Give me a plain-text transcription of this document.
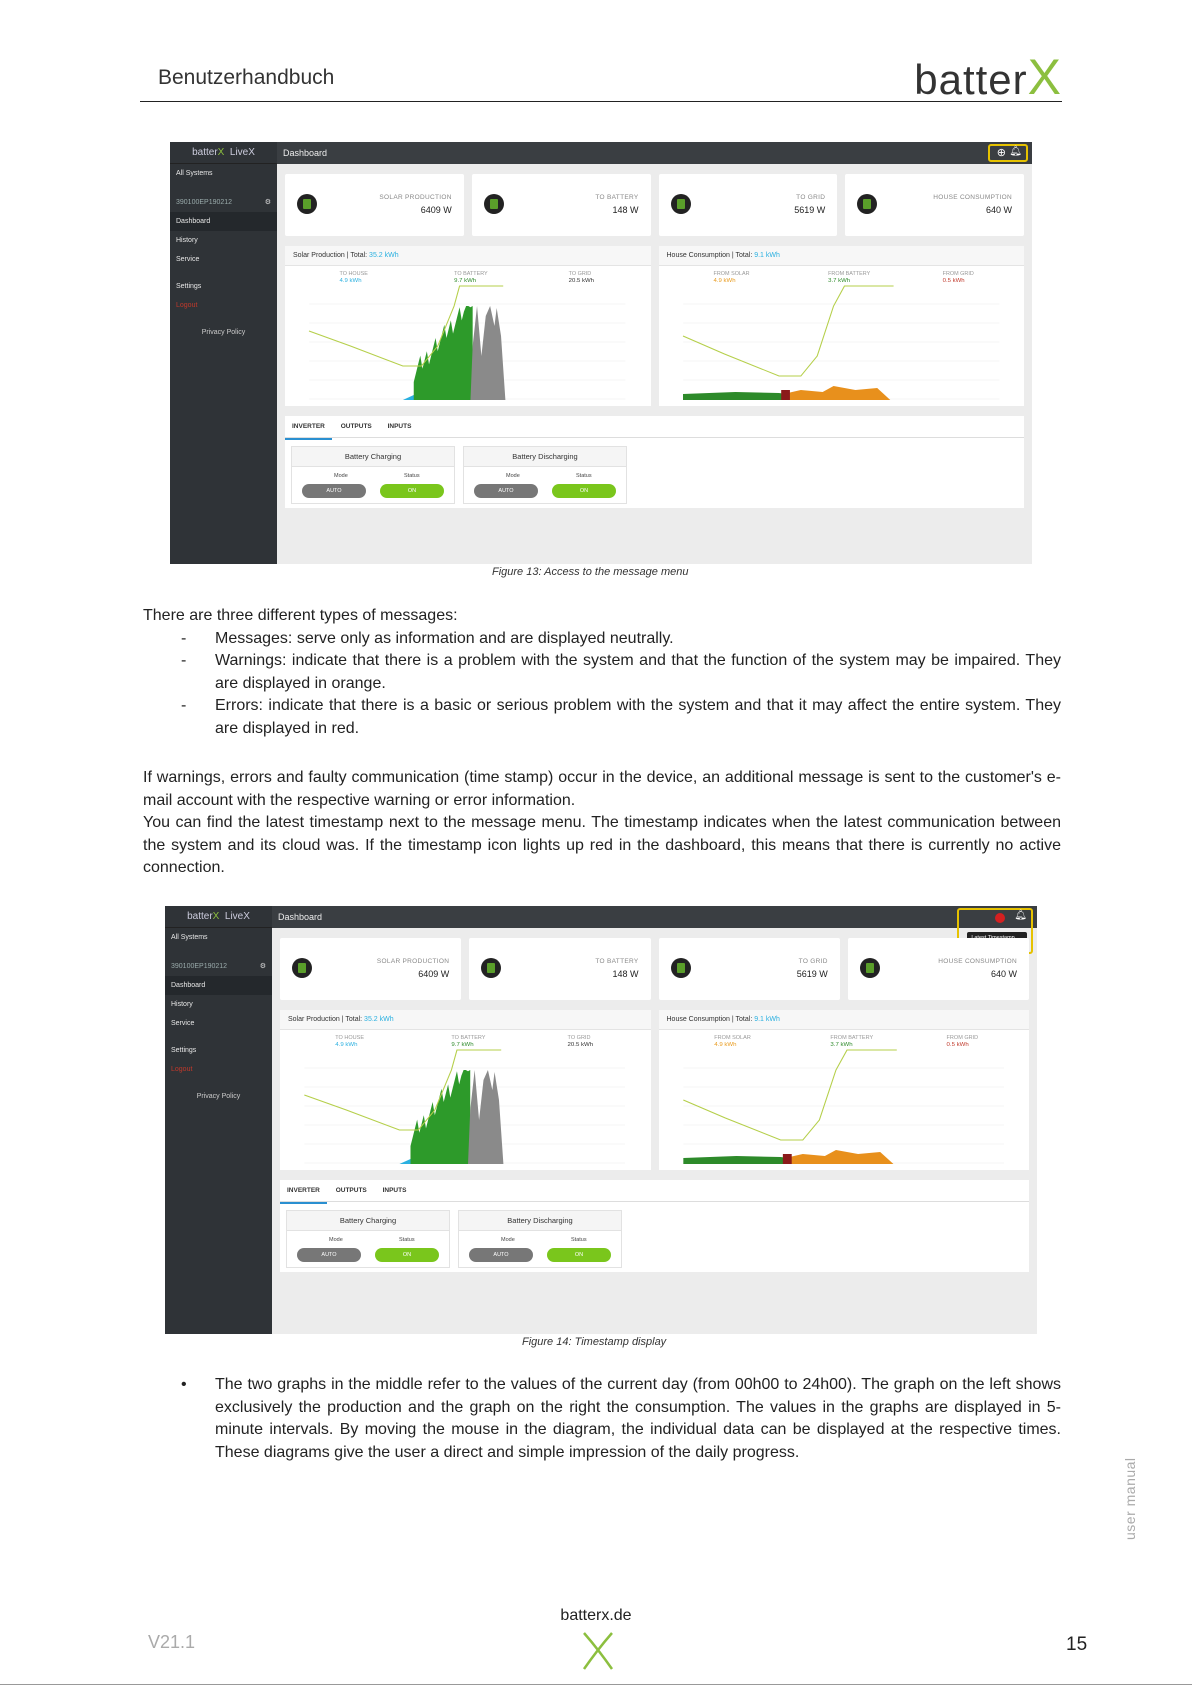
Benutzerhandbuch	batterX
batterX LiveX
All Systems
390100EP190212	⚙
Dashboard
History
Service
Settings
Logout
Privacy Policy
Dashboard	⊕ 🔔︎
SOLAR PRODUCTION
6409 W
TO BATTERY
148 W
TO GRID
5619 W
HOUSE CONSUMPTION
640 W
Solar Production | Total: 35.2 kWh
TO HOUSE
4.9 kWh
TO BATTERY
9.7 kWh
TO GRID
20.5 kWh
House Consumption | Total: 9.1 kWh
FROM SOLAR
4.9 kWh
FROM BATTERY
3.7 kWh
FROM GRID
0.5 kWh
INVERTER OUTPUTS INPUTS
Battery Charging
Mode	Status
AUTO	ON
Battery Discharging
Mode	Status
AUTO	ON
Figure 13: Access to the message menu

There are three different types of messages:

- Messages: serve only as information and are displayed neutrally.
- Warnings: indicate that there is a problem with the system and that the function of the system may be impaired. They are displayed in orange.
- Errors: indicate that there is a basic or serious problem with the system and that it may affect the entire system. They are displayed in red.

If warnings, errors and faulty communication (time stamp) occur in the device, an additional message is sent to the customer's e-mail account with the respective warning or error information.

You can find the latest timestamp next to the message menu. The timestamp indicates when the latest communication between the system and its cloud was. If the timestamp icon lights up red in the dashboard, this means that there is currently no active connection.

batterX LiveX
All Systems
390100EP190212	⚙
Dashboard
History
Service
Settings
Logout
Privacy Policy
Dashboard	🔔︎
SOLAR PRODUCTION
6409 W
TO BATTERY
148 W
TO GRID
5619 W
HOUSE CONSUMPTION
640 W
Solar Production | Total: 35.2 kWh
TO HOUSE
4.9 kWh
TO BATTERY
9.7 kWh
TO GRID
20.5 kWh
House Consumption | Total: 9.1 kWh
FROM SOLAR
4.9 kWh
FROM BATTERY
3.7 kWh
FROM GRID
0.5 kWh
INVERTER OUTPUTS INPUTS
Battery Charging
Mode	Status
AUTO	ON
Battery Discharging
Mode	Status
AUTO	ON
Figure 14: Timestamp display
• The two graphs in the middle refer to the values of the current day (from 00h00 to 24h00). The graph on the left shows exclusively the production and the graph on the right the consumption. The values in the graphs are displayed in 5-minute intervals. By moving the mouse in the diagram, the individual data can be displayed at the respective times. These diagrams give the user a direct and simple impression of the daily progress.
user manual
batterx.de
V21.1	15
